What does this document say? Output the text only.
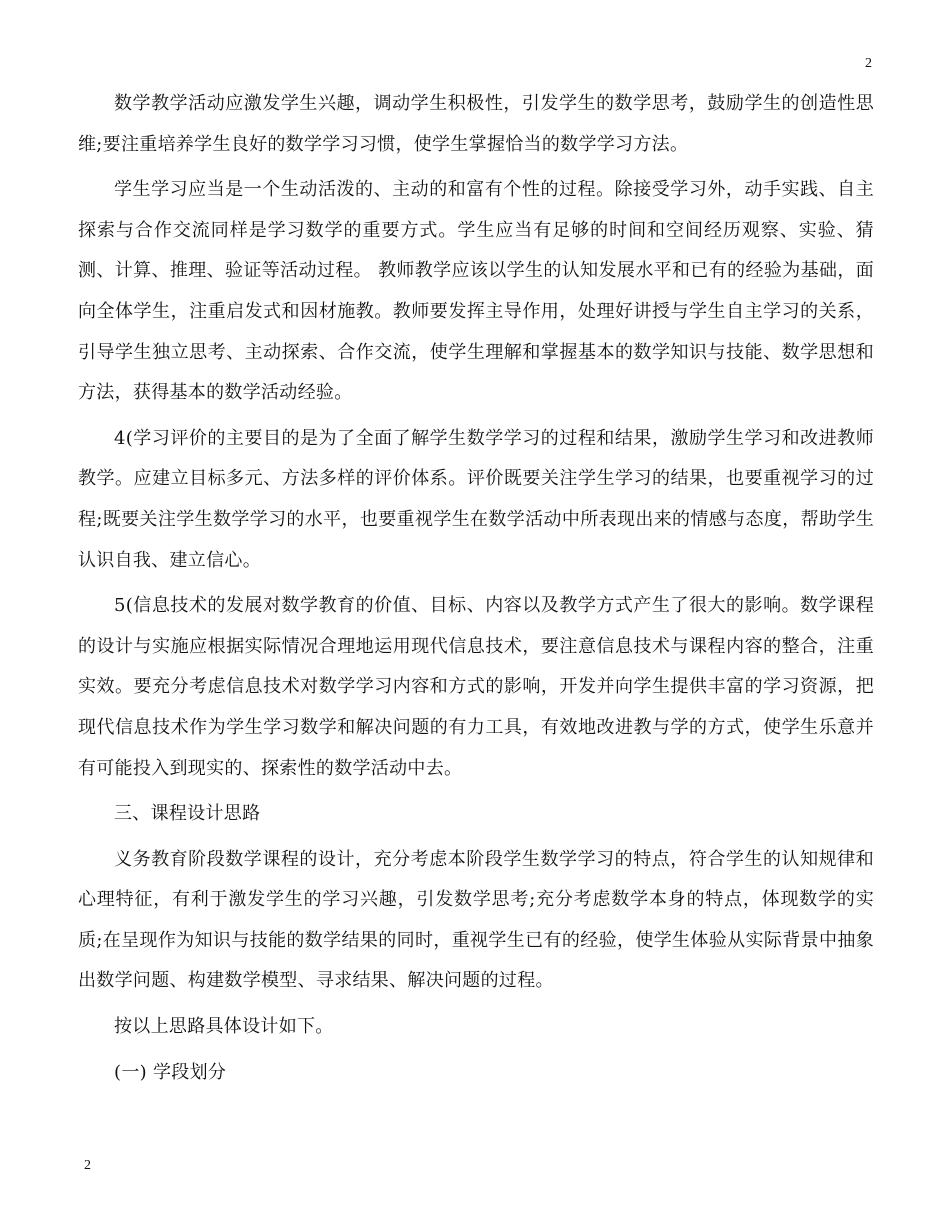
2

数学教学活动应激发学生兴趣，调动学生积极性，引发学生的数学思考，鼓励学生的创造性思维;要注重培养学生良好的数学学习习惯，使学生掌握恰当的数学学习方法。

学生学习应当是一个生动活泼的、主动的和富有个性的过程。除接受学习外，动手实践、自主探索与合作交流同样是学习数学的重要方式。学生应当有足够的时间和空间经历观察、实验、猜测、计算、推理、验证等活动过程。 教师教学应该以学生的认知发展水平和已有的经验为基础，面向全体学生，注重启发式和因材施教。教师要发挥主导作用，处理好讲授与学生自主学习的关系，引导学生独立思考、主动探索、合作交流，使学生理解和掌握基本的数学知识与技能、数学思想和方法，获得基本的数学活动经验。

4(学习评价的主要目的是为了全面了解学生数学学习的过程和结果，激励学生学习和改进教师教学。应建立目标多元、方法多样的评价体系。评价既要关注学生学习的结果，也要重视学习的过程;既要关注学生数学学习的水平，也要重视学生在数学活动中所表现出来的情感与态度，帮助学生认识自我、建立信心。

5(信息技术的发展对数学教育的价值、目标、内容以及教学方式产生了很大的影响。数学课程的设计与实施应根据实际情况合理地运用现代信息技术，要注意信息技术与课程内容的整合，注重实效。要充分考虑信息技术对数学学习内容和方式的影响，开发并向学生提供丰富的学习资源，把现代信息技术作为学生学习数学和解决问题的有力工具，有效地改进教与学的方式，使学生乐意并有可能投入到现实的、探索性的数学活动中去。

三、课程设计思路

义务教育阶段数学课程的设计，充分考虑本阶段学生数学学习的特点，符合学生的认知规律和心理特征，有利于激发学生的学习兴趣，引发数学思考;充分考虑数学本身的特点，体现数学的实质;在呈现作为知识与技能的数学结果的同时，重视学生已有的经验，使学生体验从实际背景中抽象出数学问题、构建数学模型、寻求结果、解决问题的过程。

按以上思路具体设计如下。

(一) 学段划分

2
